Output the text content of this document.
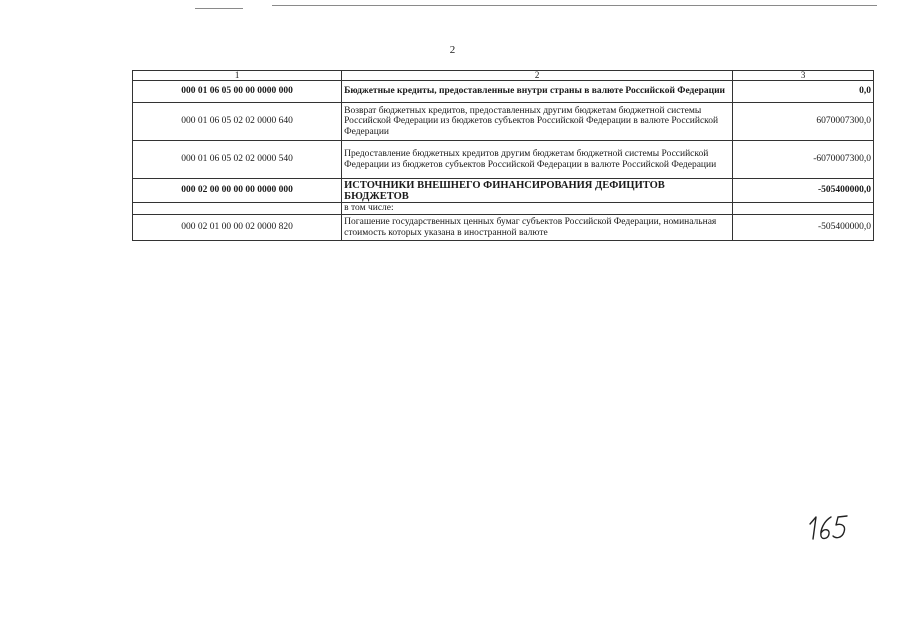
2
1	2	3
000 01 06 05 00 00 0000 000	Бюджетные кредиты, предоставленные внутри страны в валюте Российской Федерации	0,0
000 01 06 05 02 02 0000 640	Возврат бюджетных кредитов, предоставленных другим бюджетам бюджетной системы Российской Федерации из бюджетов субъектов Российской Федерации в валюте Российской Федерации	6070007300,0
000 01 06 05 02 02 0000 540	Предоставление бюджетных кредитов другим бюджетам бюджетной системы Российской Федерации из бюджетов субъектов Российской Федерации в валюте Российской Федерации	-6070007300,0
000 02 00 00 00 00 0000 000	ИСТОЧНИКИ ВНЕШНЕГО ФИНАНСИРОВАНИЯ ДЕФИЦИТОВ БЮДЖЕТОВ	-505400000,0
	в том числе:	
000 02 01 00 00 02 0000 820	Погашение государственных ценных бумаг субъектов Российской Федерации, номинальная стоимость которых указана в иностранной валюте	-505400000,0
